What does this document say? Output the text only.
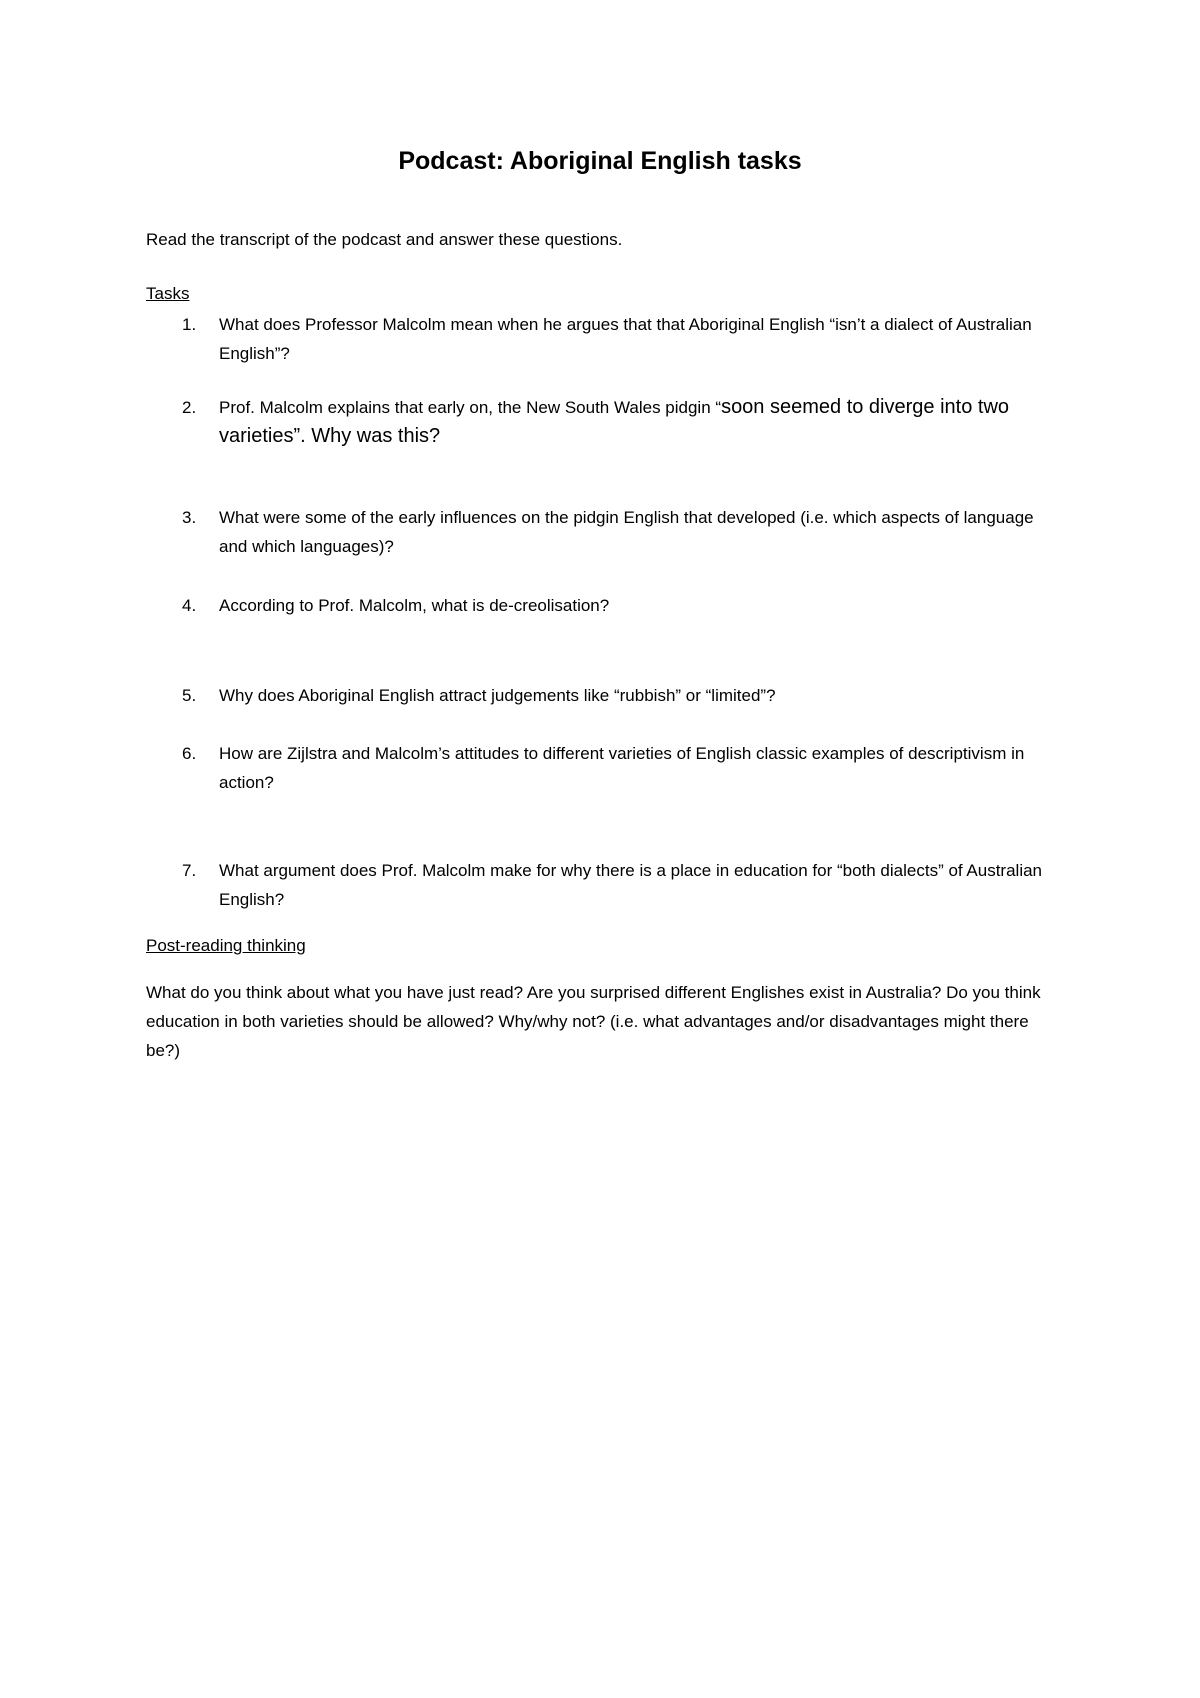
Podcast: Aboriginal English tasks
Read the transcript of the podcast and answer these questions.
Tasks
1.	What does Professor Malcolm mean when he argues that that Aboriginal English “isn’t a dialect of Australian English”?
2.	Prof. Malcolm explains that early on, the New South Wales pidgin “soon seemed to diverge into two varieties”. Why was this?
3.	What were some of the early influences on the pidgin English that developed (i.e. which aspects of language and which languages)?
4.	According to Prof. Malcolm, what is de-creolisation?
5.	Why does Aboriginal English attract judgements like “rubbish” or “limited”?
6.	How are Zijlstra and Malcolm’s attitudes to different varieties of English classic examples of descriptivism in action?
7.	What argument does Prof. Malcolm make for why there is a place in education for “both dialects” of Australian English?
Post-reading thinking
What do you think about what you have just read? Are you surprised different Englishes exist in Australia? Do you think education in both varieties should be allowed? Why/why not? (i.e. what advantages and/or disadvantages might there be?)
